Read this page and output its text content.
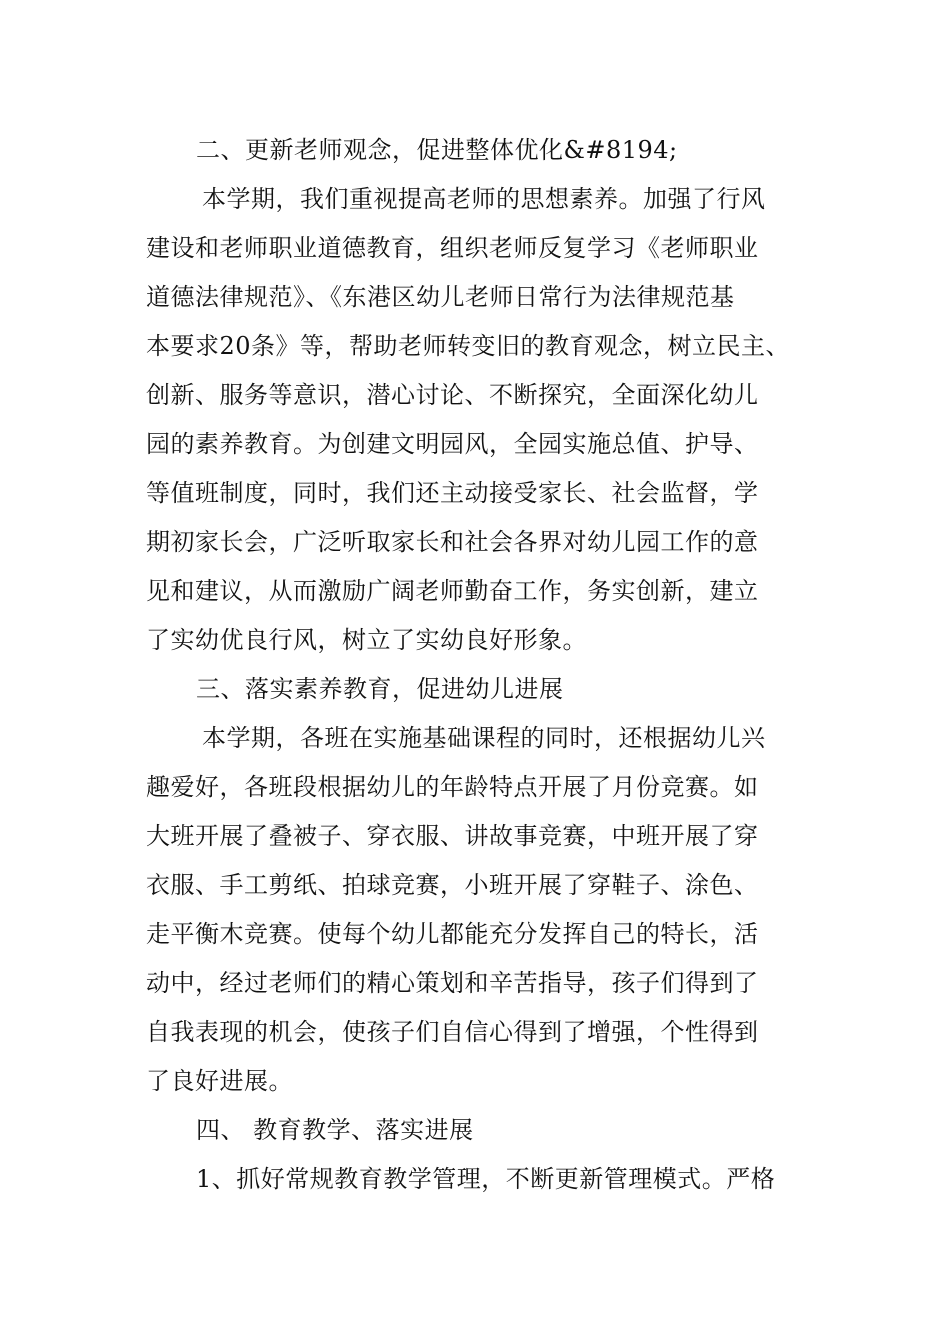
二、更新老师观念，促进整体优化&#8194;
本学期，我们重视提高老师的思想素养。加强了行风
建设和老师职业道德教育，组织老师反复学习《老师职业
道德法律规范》、《东港区幼儿老师日常行为法律规范基
本要求20条》等，帮助老师转变旧的教育观念，树立民主、
创新、服务等意识，潜心讨论、不断探究，全面深化幼儿
园的素养教育。为创建文明园风，全园实施总值、护导、
等值班制度，同时，我们还主动接受家长、社会监督，学
期初家长会，广泛听取家长和社会各界对幼儿园工作的意
见和建议，从而激励广阔老师勤奋工作，务实创新，建立
了实幼优良行风，树立了实幼良好形象。
三、落实素养教育，促进幼儿进展
本学期，各班在实施基础课程的同时，还根据幼儿兴
趣爱好，各班段根据幼儿的年龄特点开展了月份竞赛。如
大班开展了叠被子、穿衣服、讲故事竞赛，中班开展了穿
衣服、手工剪纸、拍球竞赛，小班开展了穿鞋子、涂色、
走平衡木竞赛。使每个幼儿都能充分发挥自己的特长，活
动中，经过老师们的精心策划和辛苦指导，孩子们得到了
自我表现的机会，使孩子们自信心得到了增强，个性得到
了良好进展。
四、 教育教学、落实进展
1、抓好常规教育教学管理，不断更新管理模式。严格
